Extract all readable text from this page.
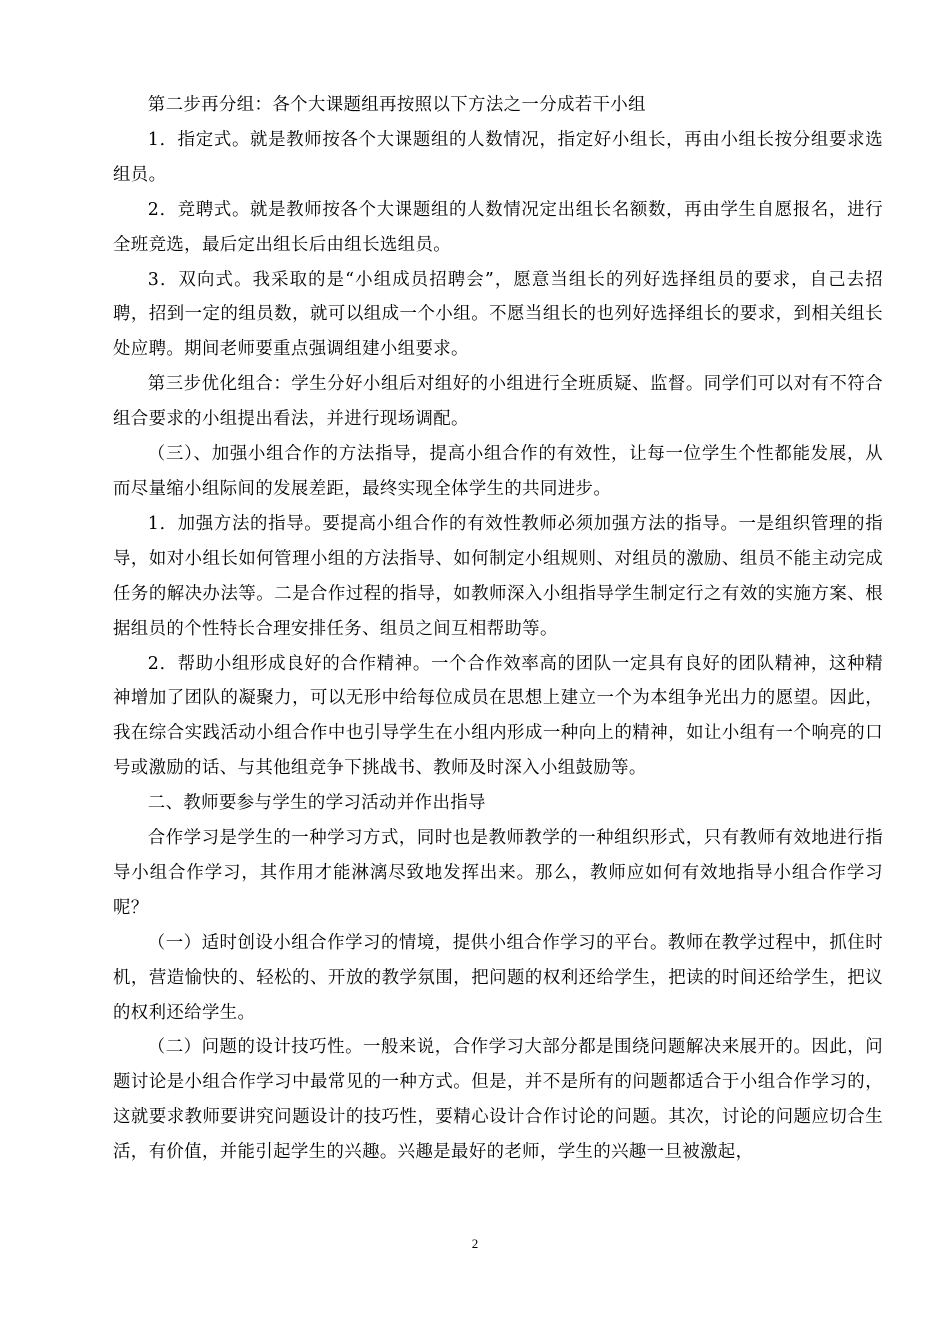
第二步再分组：各个大课题组再按照以下方法之一分成若干小组

1．指定式。就是教师按各个大课题组的人数情况，指定好小组长，再由小组长按分组要求选组员。

2．竞聘式。就是教师按各个大课题组的人数情况定出组长名额数，再由学生自愿报名，进行全班竞选，最后定出组长后由组长选组员。

3．双向式。我采取的是“小组成员招聘会”，愿意当组长的列好选择组员的要求，自己去招聘，招到一定的组员数，就可以组成一个小组。不愿当组长的也列好选择组长的要求，到相关组长处应聘。期间老师要重点强调组建小组要求。

第三步优化组合：学生分好小组后对组好的小组进行全班质疑、监督。同学们可以对有不符合组合要求的小组提出看法，并进行现场调配。

（三）、加强小组合作的方法指导，提高小组合作的有效性，让每一位学生个性都能发展，从而尽量缩小组际间的发展差距，最终实现全体学生的共同进步。

1．加强方法的指导。要提高小组合作的有效性教师必须加强方法的指导。一是组织管理的指导，如对小组长如何管理小组的方法指导、如何制定小组规则、对组员的激励、组员不能主动完成任务的解决办法等。二是合作过程的指导，如教师深入小组指导学生制定行之有效的实施方案、根据组员的个性特长合理安排任务、组员之间互相帮助等。

2．帮助小组形成良好的合作精神。一个合作效率高的团队一定具有良好的团队精神，这种精神增加了团队的凝聚力，可以无形中给每位成员在思想上建立一个为本组争光出力的愿望。因此，我在综合实践活动小组合作中也引导学生在小组内形成一种向上的精神，如让小组有一个响亮的口号或激励的话、与其他组竞争下挑战书、教师及时深入小组鼓励等。

二、教师要参与学生的学习活动并作出指导

合作学习是学生的一种学习方式，同时也是教师教学的一种组织形式，只有教师有效地进行指导小组合作学习，其作用才能淋漓尽致地发挥出来。那么，教师应如何有效地指导小组合作学习呢？

（一）适时创设小组合作学习的情境，提供小组合作学习的平台。教师在教学过程中，抓住时机，营造愉快的、轻松的、开放的教学氛围，把问题的权利还给学生，把读的时间还给学生，把议的权利还给学生。

（二）问题的设计技巧性。一般来说，合作学习大部分都是围绕问题解决来展开的。因此，问题讨论是小组合作学习中最常见的一种方式。但是，并不是所有的问题都适合于小组合作学习的，这就要求教师要讲究问题设计的技巧性，要精心设计合作讨论的问题。其次，讨论的问题应切合生活，有价值，并能引起学生的兴趣。兴趣是最好的老师，学生的兴趣一旦被激起，

2
